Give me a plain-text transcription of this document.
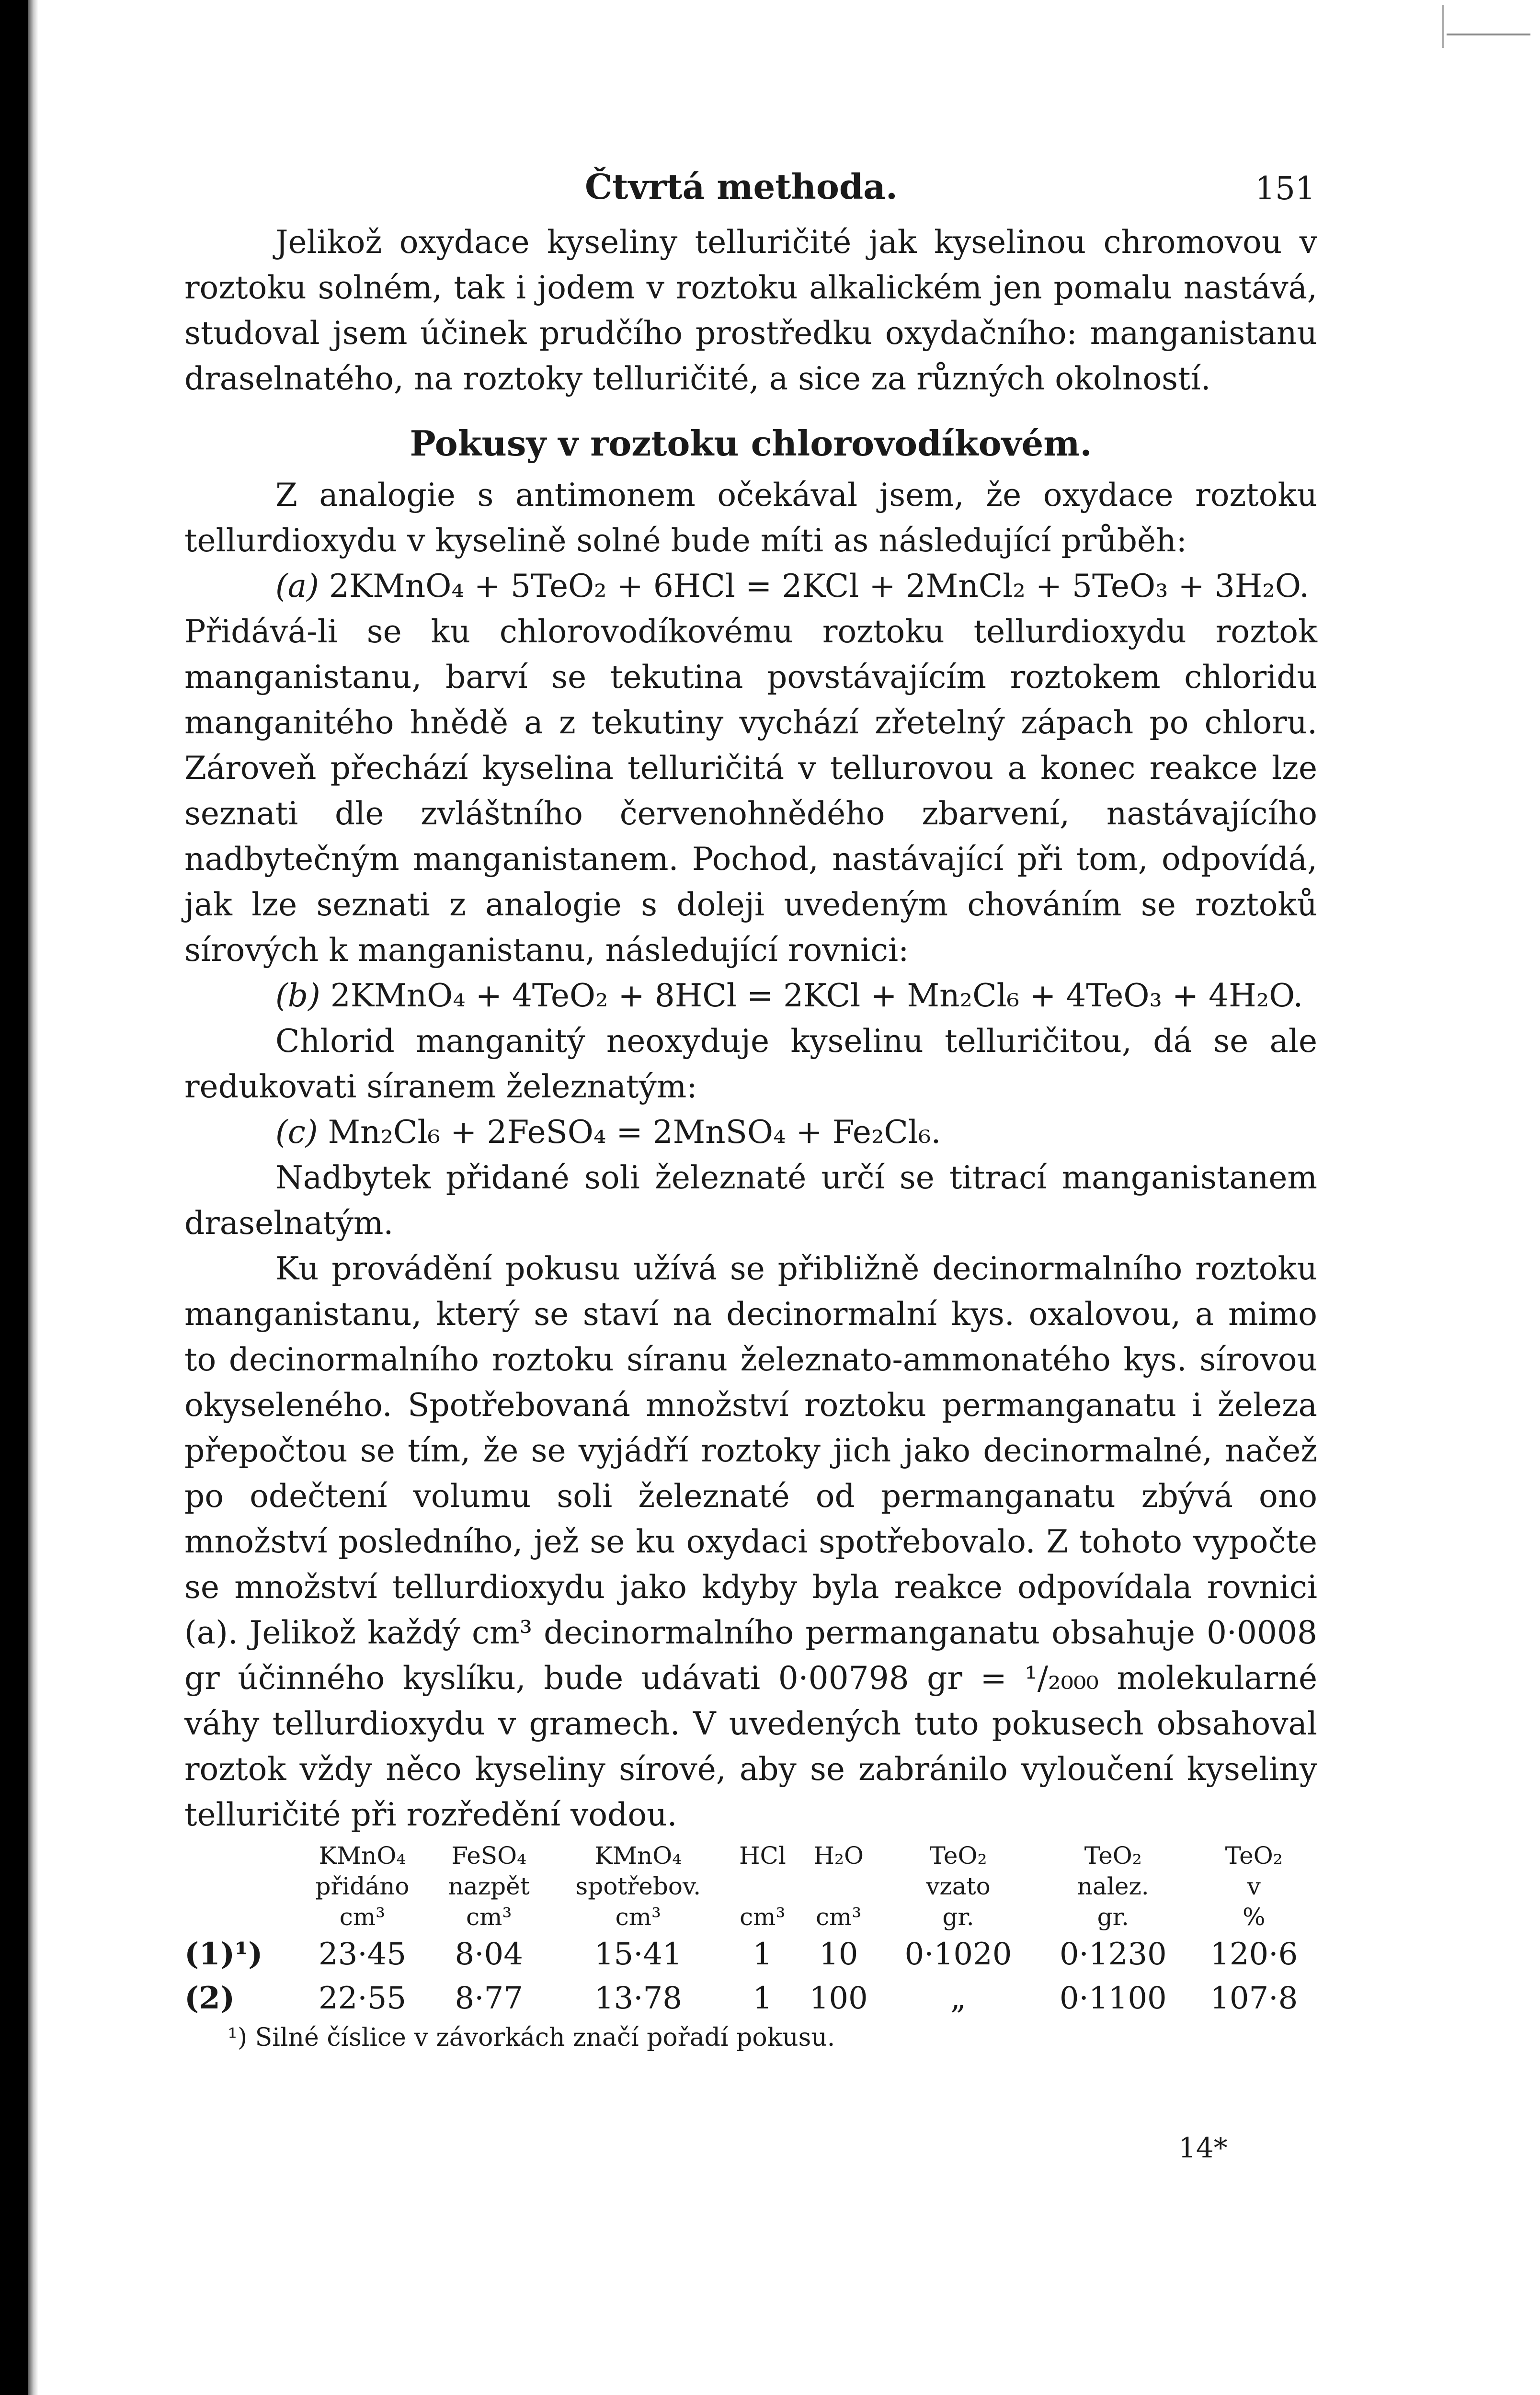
151
Čtvrtá methoda.

Jelikož oxydace kyseliny telluričité jak kyselinou chromovou v roztoku solném, tak i jodem v roztoku alkalickém jen pomalu nastává, studoval jsem účinek prudčího prostředku oxydačního: manganistanu draselnatého, na roztoky telluričité, a sice za různých okolností.

Pokusy v roztoku chlorovodíkovém.

Z analogie s antimonem očekával jsem, že oxydace roztoku tellurdioxydu v kyselině solné bude míti as následující průběh:

(a) 2KMnO₄ + 5TeO₂ + 6HCl = 2KCl + 2MnCl₂ + 5TeO₃ + 3H₂O.

Přidává-li se ku chlorovodíkovému roztoku tellurdioxydu roztok manganistanu, barví se tekutina povstávajícím roztokem chloridu manganitého hnědě a z tekutiny vychází zřetelný zápach po chloru. Zároveň přechází kyselina telluričitá v tellurovou a konec reakce lze seznati dle zvláštního červenohnědého zbarvení, nastávajícího nadbytečným manganistanem. Pochod, nastávající při tom, odpovídá, jak lze seznati z analogie s doleji uvedeným chováním se roztoků sírových k manganistanu, následující rovnici:

(b) 2KMnO₄ + 4TeO₂ + 8HCl = 2KCl + Mn₂Cl₆ + 4TeO₃ + 4H₂O.

Chlorid manganitý neoxyduje kyselinu telluričitou, dá se ale redukovati síranem železnatým:

(c) Mn₂Cl₆ + 2FeSO₄ = 2MnSO₄ + Fe₂Cl₆.

Nadbytek přidané soli železnaté určí se titrací manganistanem draselnatým.

Ku provádění pokusu užívá se přibližně decinormalního roztoku manganistanu, který se staví na decinormalní kys. oxalovou, a mimo to decinormalního roztoku síranu železnato-ammonatého kys. sírovou okyseleného. Spotřebovaná množství roztoku permanganatu i železa přepočtou se tím, že se vyjádří roztoky jich jako decinormalné, načež po odečtení volumu soli železnaté od permanganatu zbývá ono množství posledního, jež se ku oxydaci spotřebovalo. Z tohoto vypočte se množství tellurdioxydu jako kdyby byla reakce odpovídala rovnici (a). Jelikož každý cm³ decinormalního permanganatu obsahuje 0·0008 gr účinného kyslíku, bude udávati 0·00798 gr = ¹/₂₀₀₀ molekularné váhy tellurdioxydu v gramech. V uvedených tuto pokusech obsahoval roztok vždy něco kyseliny sírové, aby se zabránilo vyloučení kyseliny telluričité při rozředění vodou.

	KMnO₄	FeSO₄	KMnO₄	HCl	H₂O	TeO₂	TeO₂	TeO₂
	přidáno	nazpět	spotřebov.			vzato	nalez.	v
	cm³	cm³	cm³	cm³	cm³	gr.	gr.	%
(1)¹)	23·45	8·04	15·41	1	10	0·1020	0·1230	120·6
(2)	22·55	8·77	13·78	1	100	„	0·1100	107·8
¹) Silné číslice v závorkách značí pořadí pokusu.
14*
